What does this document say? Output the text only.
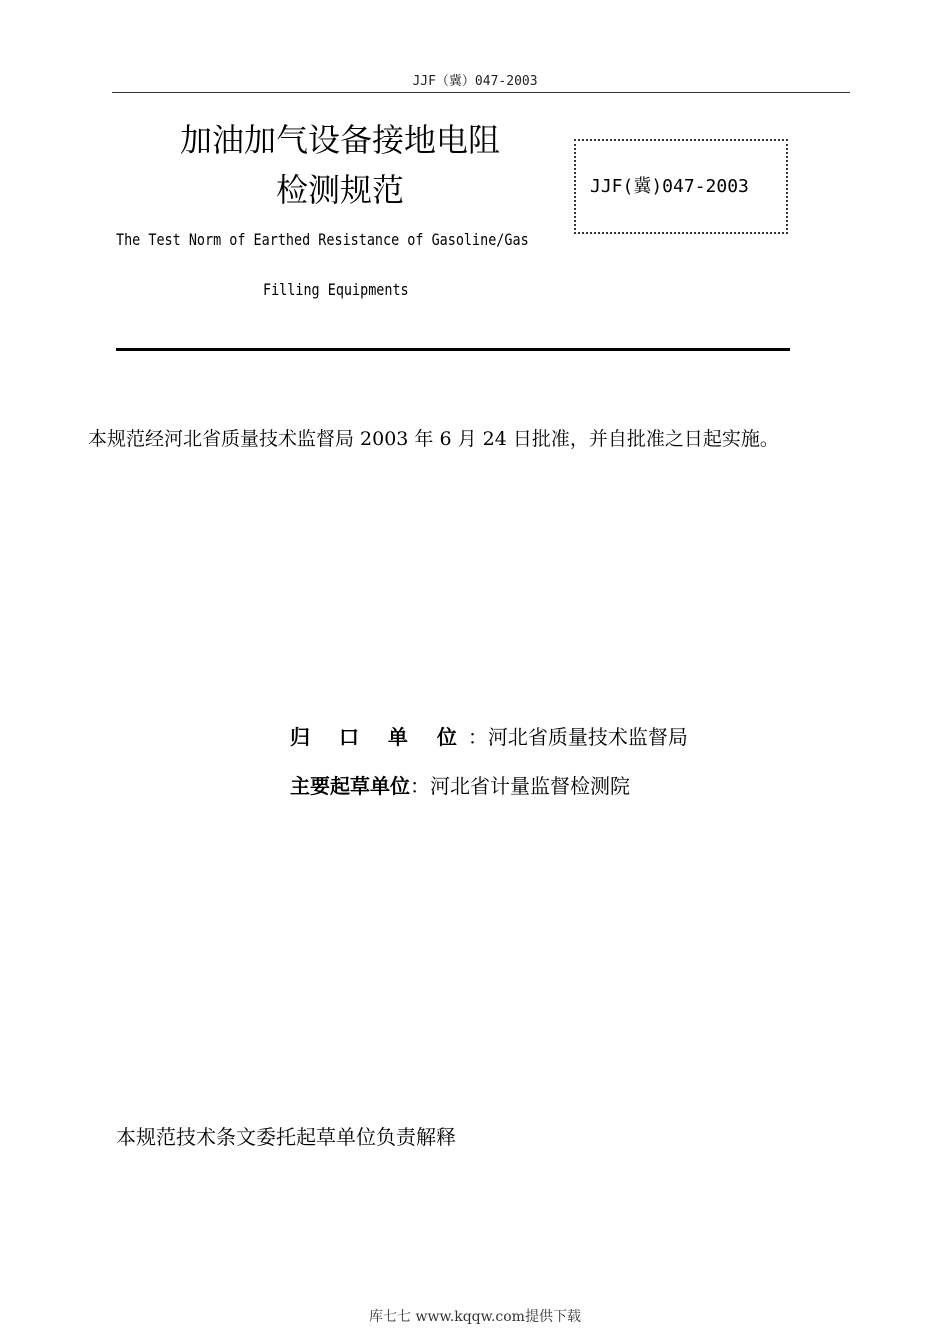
JJF（冀）047-2003
加油加气设备接地电阻
检测规范
The Test Norm of Earthed Resistance of Gasoline/Gas
Filling Equipments
JJF(冀)047-2003
本规范经河北省质量技术监督局 2003 年 6 月 24 日批准，并自批准之日起实施。
归 口 单 位：河北省质量技术监督局
主要起草单位：河北省计量监督检测院
本规范技术条文委托起草单位负责解释
库七七 www.kqqw.com提供下载
